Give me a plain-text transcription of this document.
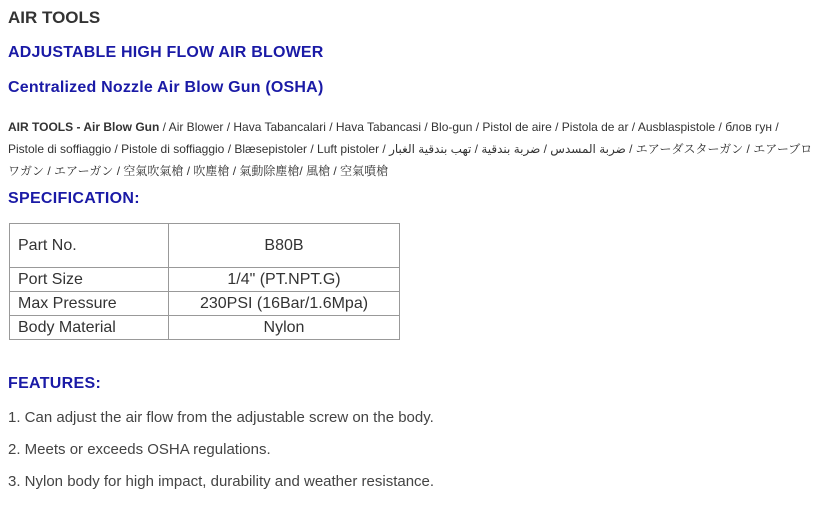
AIR TOOLS
ADJUSTABLE HIGH FLOW AIR BLOWER
Centralized Nozzle Air Blow Gun (OSHA)

AIR TOOLS - Air Blow Gun / Air Blower / Hava Tabancalari / Hava Tabancasi / Blo-gun / Pistol de aire / Pistola de ar / Ausblaspistole / блов гун / Pistole di soffiaggio / Pistole di soffiaggio / Blæsepistoler / Luft pistoler / ضربة المسدس / ضربة بندقية / تهب بندقية الغبار / エアーダスターガン / エアーブロワガン / エアーガン / 空氣吹氣槍 / 吹塵槍 / 氣動除塵槍/ 風槍 / 空氣噴槍

SPECIFICATION:
Part No.	B80B
Port Size	1/4" (PT.NPT.G)
Max Pressure	230PSI (16Bar/1.6Mpa)
Body Material	Nylon
FEATURES:
1. Can adjust the air flow from the adjustable screw on the body.
2. Meets or exceeds OSHA regulations.
3. Nylon body for high impact, durability and weather resistance.
